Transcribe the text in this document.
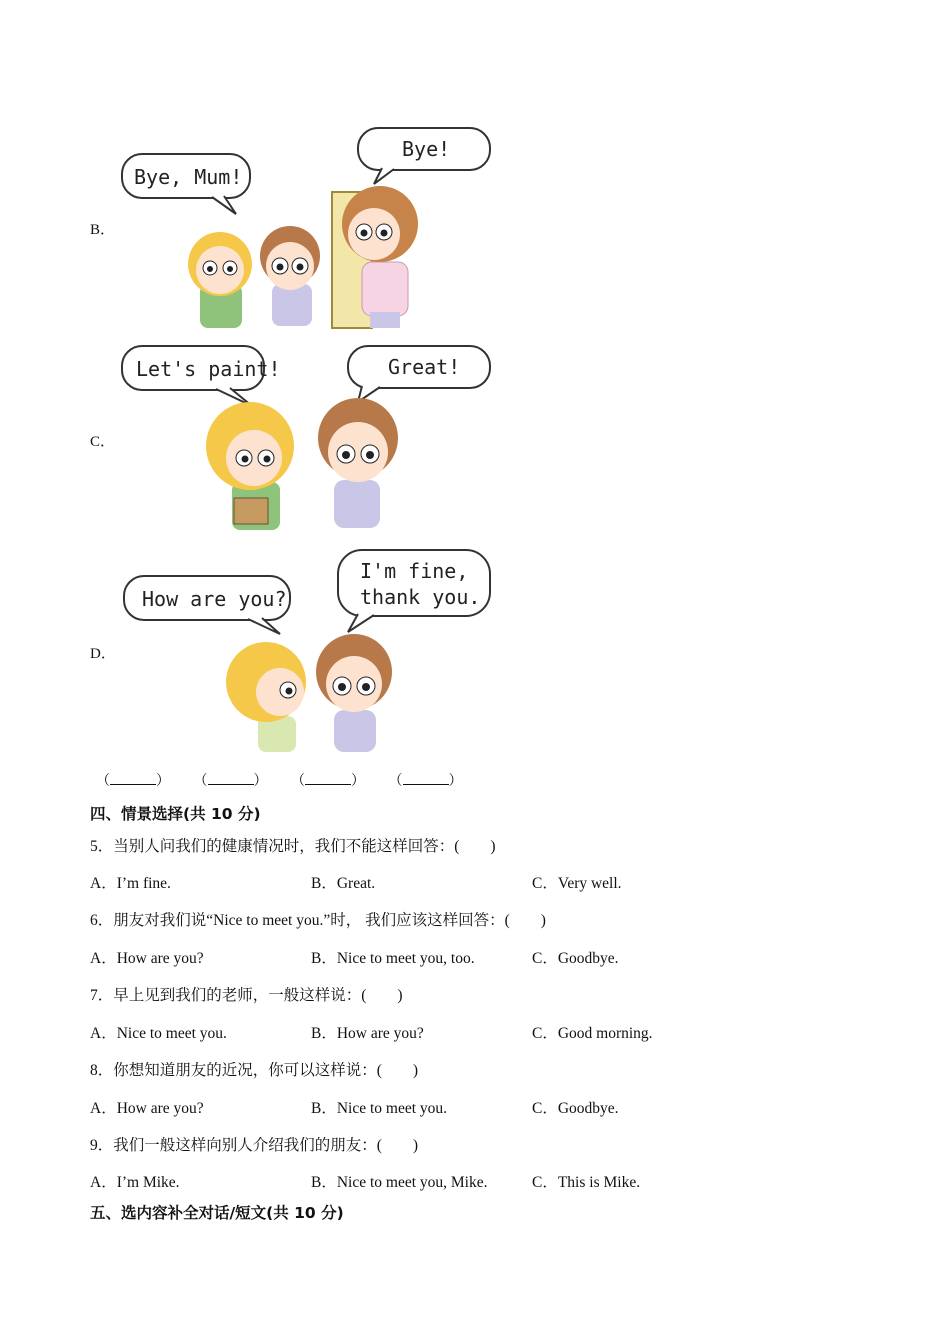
B．
Bye, Mum!
Bye!
C．
Let's paint!	Great!
D．
How are you?
I'm fine,
thank you.
（	） （	） （	） （	）
四、情景选择(共 10 分)
5．当别人问我们的健康情况时，我们不能这样回答：(　　)
A．I’m fine.	B．Great.	C．Very well.
6．朋友对我们说“Nice to meet you.”时， 我们应该这样回答：(　　)
A．How are you?	B．Nice to meet you, too.	C．Goodbye.
7．早上见到我们的老师，一般这样说：(　　)
A．Nice to meet you.	B．How are you?	C．Good morning.
8．你想知道朋友的近况，你可以这样说：(　　)
A．How are you?	B．Nice to meet you.	C．Goodbye.
9．我们一般这样向别人介绍我们的朋友：(　　)
A．I’m Mike.	B．Nice to meet you, Mike.	C．This is Mike.
五、选内容补全对话/短文(共 10 分)
